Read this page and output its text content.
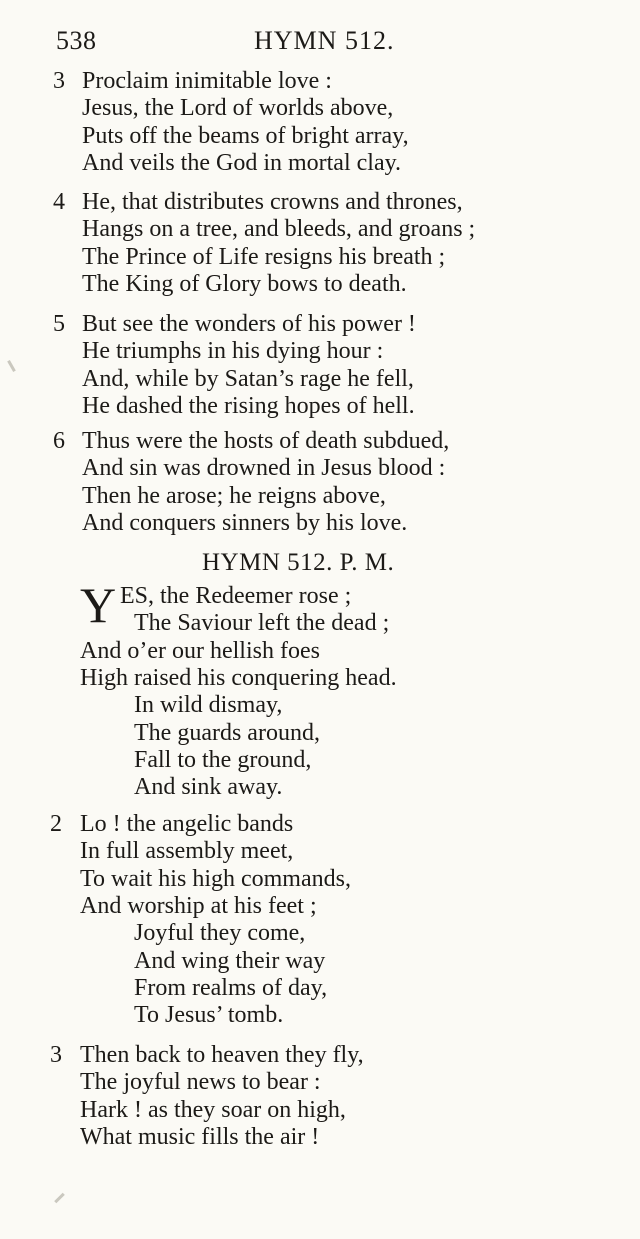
538	HYMN 512.
3 Proclaim inimitable love :
Jesus, the Lord of worlds above,
Puts off the beams of bright array,
And veils the God in mortal clay.
4 He, that distributes crowns and thrones,
Hangs on a tree, and bleeds, and groans ;
The Prince of Life resigns his breath ;
The King of Glory bows to death.
5 But see the wonders of his power !
He triumphs in his dying hour :
And, while by Satan’s rage he fell,
He dashed the rising hopes of hell.
6 Thus were the hosts of death subdued,
And sin was drowned in Jesus blood :
Then he arose; he reigns above,
And conquers sinners by his love.
HYMN 512. P. M.
Y ES, the Redeemer rose ;
The Saviour left the dead ;
And o’er our hellish foes
High raised his conquering head.
In wild dismay,
The guards around,
Fall to the ground,
And sink away.
2 Lo ! the angelic bands
In full assembly meet,
To wait his high commands,
And worship at his feet ;
Joyful they come,
And wing their way
From realms of day,
To Jesus’ tomb.
3 Then back to heaven they fly,
The joyful news to bear :
Hark ! as they soar on high,
What music fills the air !
